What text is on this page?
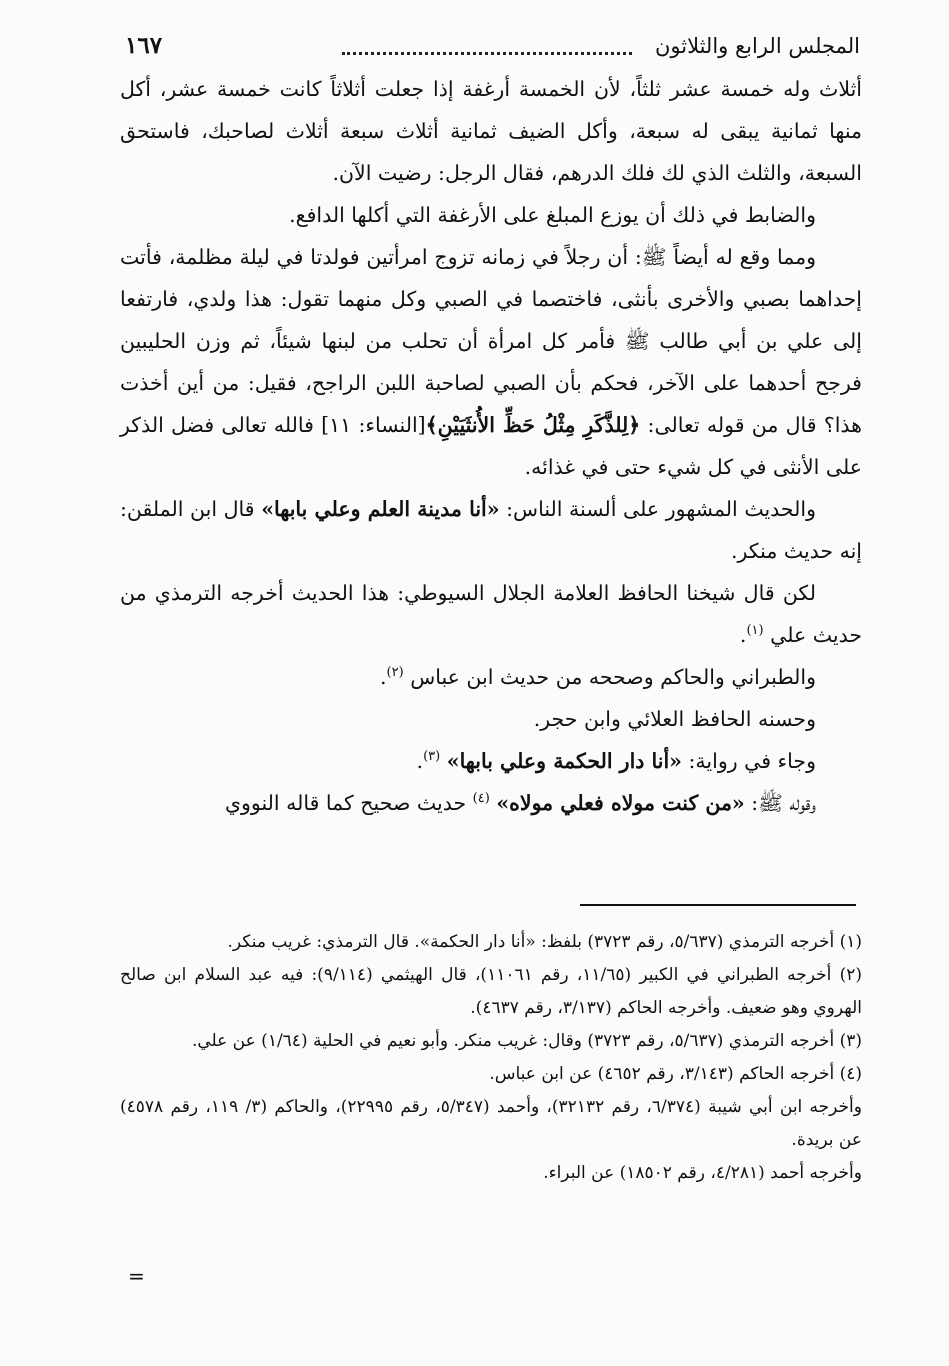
المجلس الرابع والثلاثون
١٦٧

أثلاث وله خمسة عشر ثلثاً، لأن الخمسة أرغفة إذا جعلت أثلاثاً كانت خمسة عشر، أكل منها ثمانية يبقى له سبعة، وأكل الضيف ثمانية أثلاث سبعة أثلاث لصاحبك، فاستحق السبعة، والثلث الذي لك فلك الدرهم، فقال الرجل: رضيت الآن.

والضابط في ذلك أن يوزع المبلغ على الأرغفة التي أكلها الدافع.

ومما وقع له أيضاً ﷺ: أن رجلاً في زمانه تزوج امرأتين فولدتا في ليلة مظلمة، فأتت إحداهما بصبي والأخرى بأنثى، فاختصما في الصبي وكل منهما تقول: هذا ولدي، فارتفعا إلى علي بن أبي طالب ﷺ فأمر كل امرأة أن تحلب من لبنها شيئاً، ثم وزن الحليبين فرجح أحدهما على الآخر، فحكم بأن الصبي لصاحبة اللبن الراجح، فقيل: من أين أخذت هذا؟ قال من قوله تعالى: ﴿لِلذَّكَرِ مِثْلُ حَظِّ الأُنثَيَيْنِ﴾[النساء: ١١] فالله تعالى فضل الذكر على الأنثى في كل شيء حتى في غذائه.

والحديث المشهور على ألسنة الناس: «أنا مدينة العلم وعلي بابها» قال ابن الملقن: إنه حديث منكر.

لكن قال شيخنا الحافظ العلامة الجلال السيوطي: هذا الحديث أخرجه الترمذي من حديث علي $^{(١)}$.

والطبراني والحاكم وصححه من حديث ابن عباس $^{(٢)}$.

وحسنه الحافظ العلائي وابن حجر.

وجاء في رواية: «أنا دار الحكمة وعلي بابها» $^{(٣)}$.

وقوله ﷺ: «من كنت مولاه فعلي مولاه» $^{(٤)}$ حديث صحيح كما قاله النووي

(١) أخرجه الترمذي (٥/٦٣٧، رقم ٣٧٢٣) بلفظ: «أنا دار الحكمة». قال الترمذي: غريب منكر.

(٢) أخرجه الطبراني في الكبير (١١/٦٥، رقم ١١٠٦١)، قال الهيثمي (٩/١١٤): فيه عبد السلام ابن صالح الهروي وهو ضعيف. وأخرجه الحاكم (٣/١٣٧، رقم ٤٦٣٧).

(٣) أخرجه الترمذي (٥/٦٣٧، رقم ٣٧٢٣) وقال: غريب منكر. وأبو نعيم في الحلية (١/٦٤) عن علي.

(٤) أخرجه الحاكم (٣/١٤٣، رقم ٤٦٥٢) عن ابن عباس.

وأخرجه ابن أبي شيبة (٦/٣٧٤، رقم ٣٢١٣٢)، وأحمد (٥/٣٤٧، رقم ٢٢٩٩٥)، والحاكم (٣/ ١١٩، رقم ٤٥٧٨) عن بريدة.

وأخرجه أحمد (٤/٢٨١، رقم ١٨٥٠٢) عن البراء.

=
